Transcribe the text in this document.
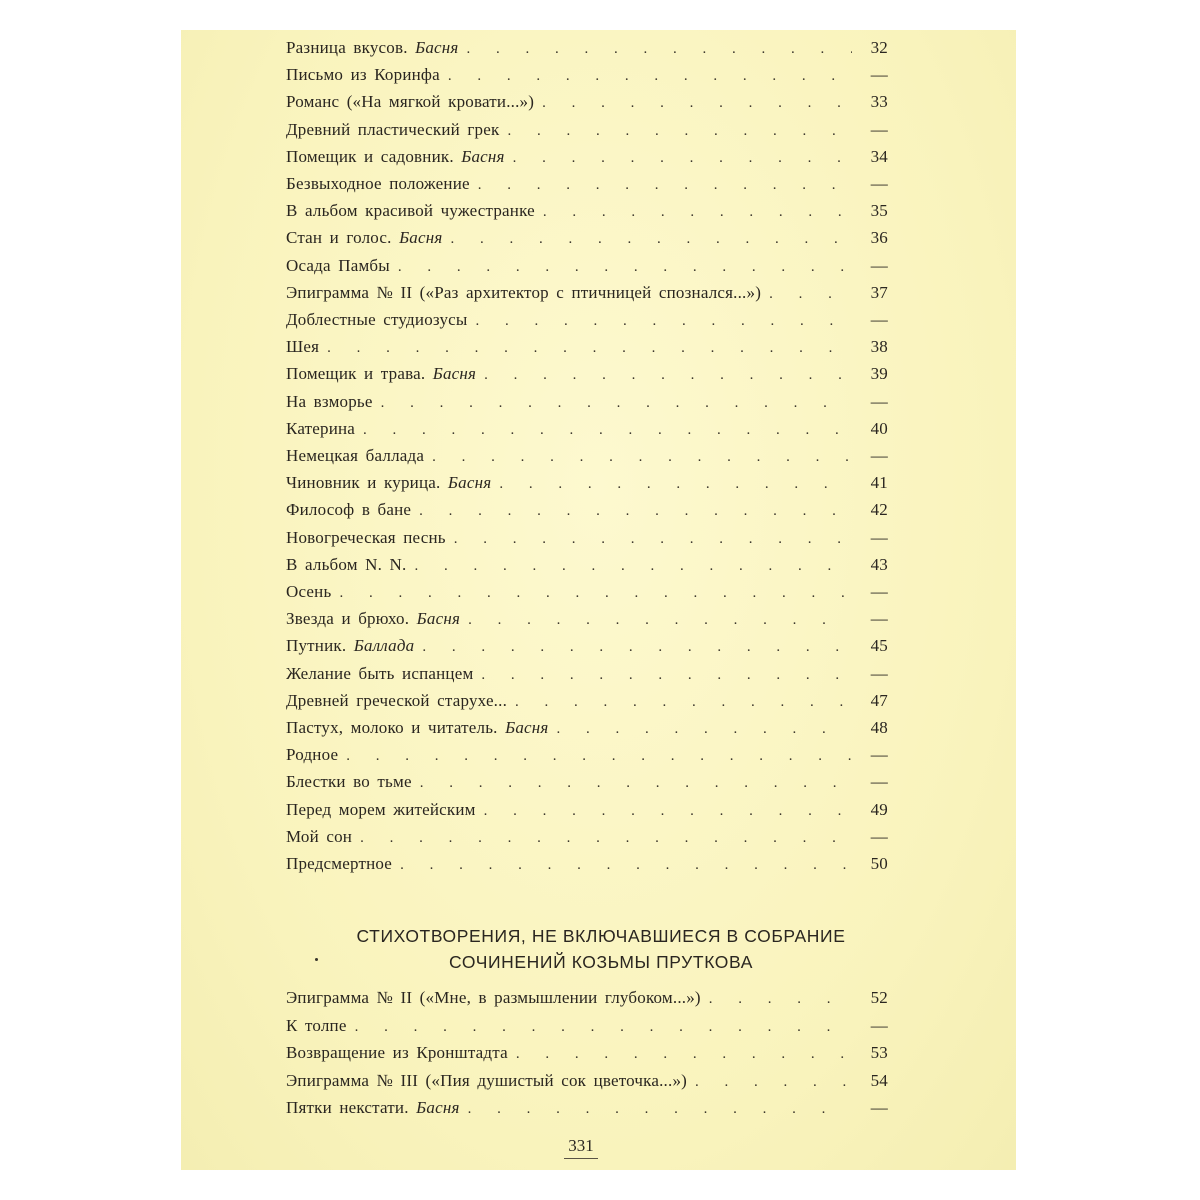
Разница вкусов. Басня . . .	32
Письмо из Коринфа . . .	—
Романс («На мягкой кровати...») . . .	33
Древний пластический грек . . .	—
Помещик и садовник. Басня . . .	34
Безвыходное положение . . .	—
В альбом красивой чужестранке . . .	35
Стан и голос. Басня . . .	36
Осада Памбы . . .	—
Эпиграмма № II («Раз архитектор с птичницей спознался...») . . .	37
Доблестные студиозусы . . .	—
Шея . . .	38
Помещик и трава. Басня . . .	39
На взморье . . .	—
Катерина . . .	40
Немецкая баллада . . .	—
Чиновник и курица. Басня . . .	41
Философ в бане . . .	42
Новогреческая песнь . . .	—
В альбом N. N. . . .	43
Осень . . .	—
Звезда и брюхо. Басня . . .	—
Путник. Баллада . . .	45
Желание быть испанцем . . .	—
Древней греческой старухе... . . .	47
Пастух, молоко и читатель. Басня . . .	48
Родное . . .	—
Блестки во тьме . . .	—
Перед морем житейским . . .	49
Мой сон . . .	—
Предсмертное . . .	50
СТИХОТВОРЕНИЯ, НЕ ВКЛЮЧАВШИЕСЯ В СОБРАНИЕ
СОЧИНЕНИЙ КОЗЬМЫ ПРУТКОВА
Эпиграмма № II («Мне, в размышлении глубоком...») . . .	52
К толпе . . .	—
Возвращение из Кронштадта . . .	53
Эпиграмма № III («Пия душистый сок цветочка...») . . .	54
Пятки некстати. Басня . . .	—
331
